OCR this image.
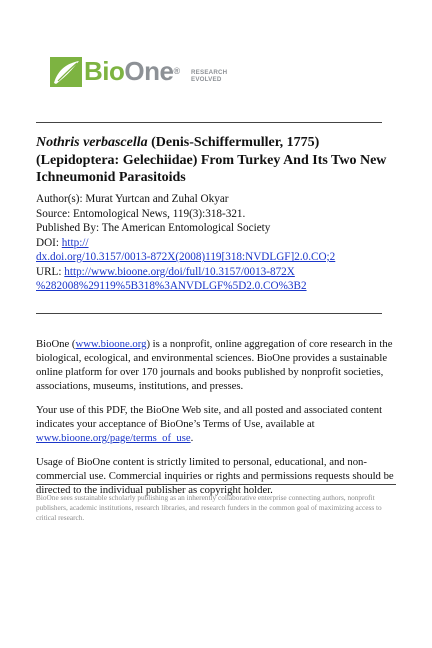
BioOne® RESEARCH
EVOLVED
Nothris verbascella (Denis-Schiffermuller, 1775) (Lepidoptera: Gelechiidae) From Turkey And Its Two New Ichneumonid Parasitoids
Author(s): Murat Yurtcan and Zuhal Okyar
Source: Entomological News, 119(3):318-321.
Published By: The American Entomological Society
DOI: http://
dx.doi.org/10.3157/0013-872X(2008)119[318:NVDLGF]2.0.CO;2
URL: http://www.bioone.org/doi/full/10.3157/0013-872X
%282008%29119%5B318%3ANVDLGF%5D2.0.CO%3B2

BioOne (www.bioone.org) is a nonprofit, online aggregation of core research in the biological, ecological, and environmental sciences. BioOne provides a sustainable online platform for over 170 journals and books published by nonprofit societies, associations, museums, institutions, and presses.

Your use of this PDF, the BioOne Web site, and all posted and associated content indicates your acceptance of BioOne’s Terms of Use, available at www.bioone.org/page/terms_of_use.

Usage of BioOne content is strictly limited to personal, educational, and non-commercial use. Commercial inquiries or rights and permissions requests should be directed to the individual publisher as copyright holder.

BioOne sees sustainable scholarly publishing as an inherently collaborative enterprise connecting authors, nonprofit publishers, academic institutions, research libraries, and research funders in the common goal of maximizing access to critical research.
